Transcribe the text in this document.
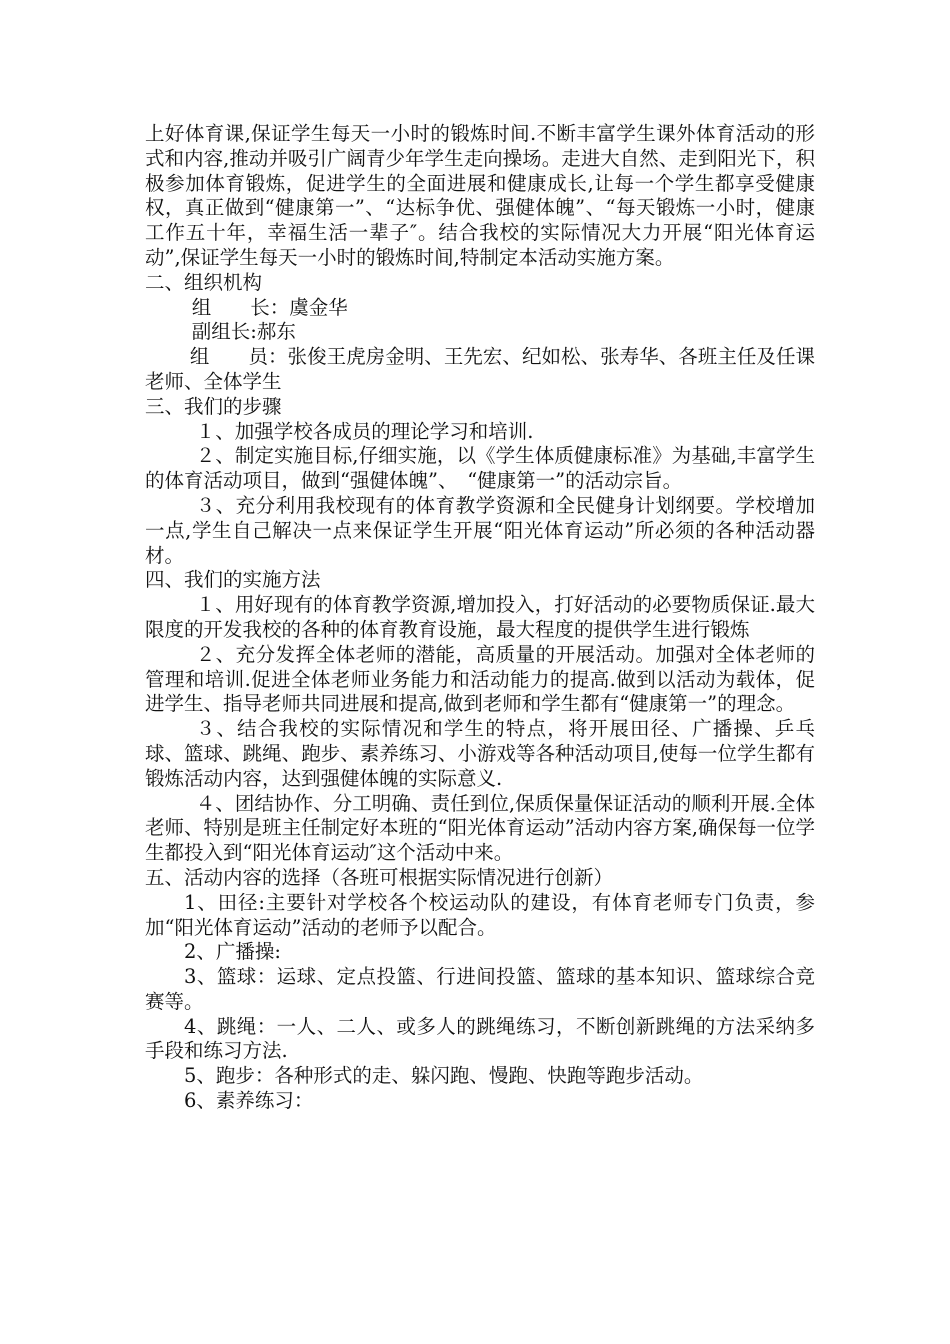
上好体育课,保证学生每天一小时的锻炼时间.不断丰富学生课外体育活动的形式和内容,推动并吸引广阔青少年学生走向操场。走进大自然、走到阳光下，积极参加体育锻炼，促进学生的全面进展和健康成长,让每一个学生都享受健康权，真正做到“健康第一”、“达标争优、强健体魄”、“每天锻炼一小时，健康工作五十年，幸福生活一辈子″。结合我校的实际情况大力开展“阳光体育运动”,保证学生每天一小时的锻炼时间,特制定本活动实施方案。

二、组织机构

组　　长：虞金华

副组长:郝东

组　　员：张俊王虎房金明、王先宏、纪如松、张寿华、各班主任及任课老师、全体学生

三、我们的步骤

１、加强学校各成员的理论学习和培训.

２、制定实施目标,仔细实施，以《学生体质健康标准》为基础,丰富学生的体育活动项目，做到“强健体魄”、　“健康第一”的活动宗旨。

３、充分利用我校现有的体育教学资源和全民健身计划纲要。学校增加一点,学生自己解决一点来保证学生开展“阳光体育运动”所必须的各种活动器材。

四、我们的实施方法

１、用好现有的体育教学资源,增加投入，打好活动的必要物质保证.最大限度的开发我校的各种的体育教育设施，最大程度的提供学生进行锻炼

２、充分发挥全体老师的潜能，高质量的开展活动。加强对全体老师的管理和培训.促进全体老师业务能力和活动能力的提高.做到以活动为载体，促进学生、指导老师共同进展和提高,做到老师和学生都有“健康第一”的理念。

３、结合我校的实际情况和学生的特点，将开展田径、广播操、乒乓球、篮球、跳绳、跑步、素养练习、小游戏等各种活动项目,使每一位学生都有锻炼活动内容，达到强健体魄的实际意义.

４、团结协作、分工明确、责任到位,保质保量保证活动的顺利开展.全体老师、特别是班主任制定好本班的“阳光体育运动”活动内容方案,确保每一位学生都投入到“阳光体育运动″这个活动中来。

五、活动内容的选择（各班可根据实际情况进行创新）

1、田径:主要针对学校各个校运动队的建设，有体育老师专门负责，参加“阳光体育运动”活动的老师予以配合。

2、广播操:

3、篮球：运球、定点投篮、行进间投篮、篮球的基本知识、篮球综合竞赛等。

4、跳绳：一人、二人、或多人的跳绳练习，不断创新跳绳的方法采纳多手段和练习方法.

5、跑步：各种形式的走、躲闪跑、慢跑、快跑等跑步活动。

6、素养练习：
